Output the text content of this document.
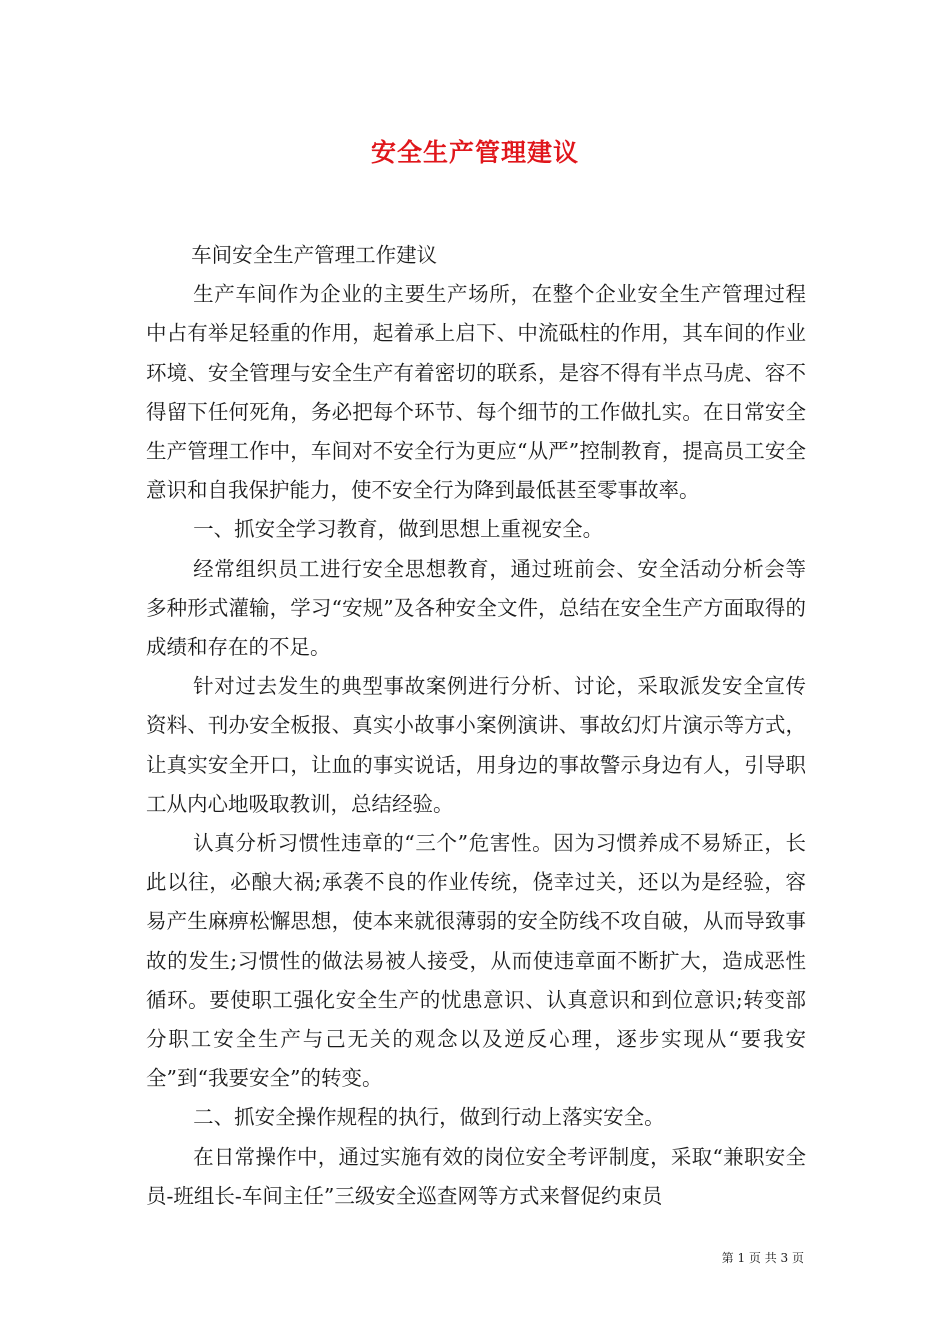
安全生产管理建议

车间安全生产管理工作建议

生产车间作为企业的主要生产场所，在整个企业安全生产管理过程中占有举足轻重的作用，起着承上启下、中流砥柱的作用，其车间的作业环境、安全管理与安全生产有着密切的联系，是容不得有半点马虎、容不得留下任何死角，务必把每个环节、每个细节的工作做扎实。在日常安全生产管理工作中，车间对不安全行为更应“从严”控制教育，提高员工安全意识和自我保护能力，使不安全行为降到最低甚至零事故率。

一、抓安全学习教育，做到思想上重视安全。

经常组织员工进行安全思想教育，通过班前会、安全活动分析会等多种形式灌输，学习“安规”及各种安全文件，总结在安全生产方面取得的成绩和存在的不足。

针对过去发生的典型事故案例进行分析、讨论，采取派发安全宣传资料、刊办安全板报、真实小故事小案例演讲、事故幻灯片演示等方式，让真实安全开口，让血的事实说话，用身边的事故警示身边有人，引导职工从内心地吸取教训，总结经验。

认真分析习惯性违章的“三个”危害性。因为习惯养成不易矫正，长此以往，必酿大祸;承袭不良的作业传统，侥幸过关，还以为是经验，容易产生麻痹松懈思想，使本来就很薄弱的安全防线不攻自破，从而导致事故的发生;习惯性的做法易被人接受，从而使违章面不断扩大，造成恶性循环。要使职工强化安全生产的忧患意识、认真意识和到位意识;转变部分职工安全生产与己无关的观念以及逆反心理，逐步实现从“要我安全”到“我要安全”的转变。

二、抓安全操作规程的执行，做到行动上落实安全。

在日常操作中，通过实施有效的岗位安全考评制度，采取“兼职安全员-班组长-车间主任”三级安全巡查网等方式来督促约束员

第 1 页 共 3 页
